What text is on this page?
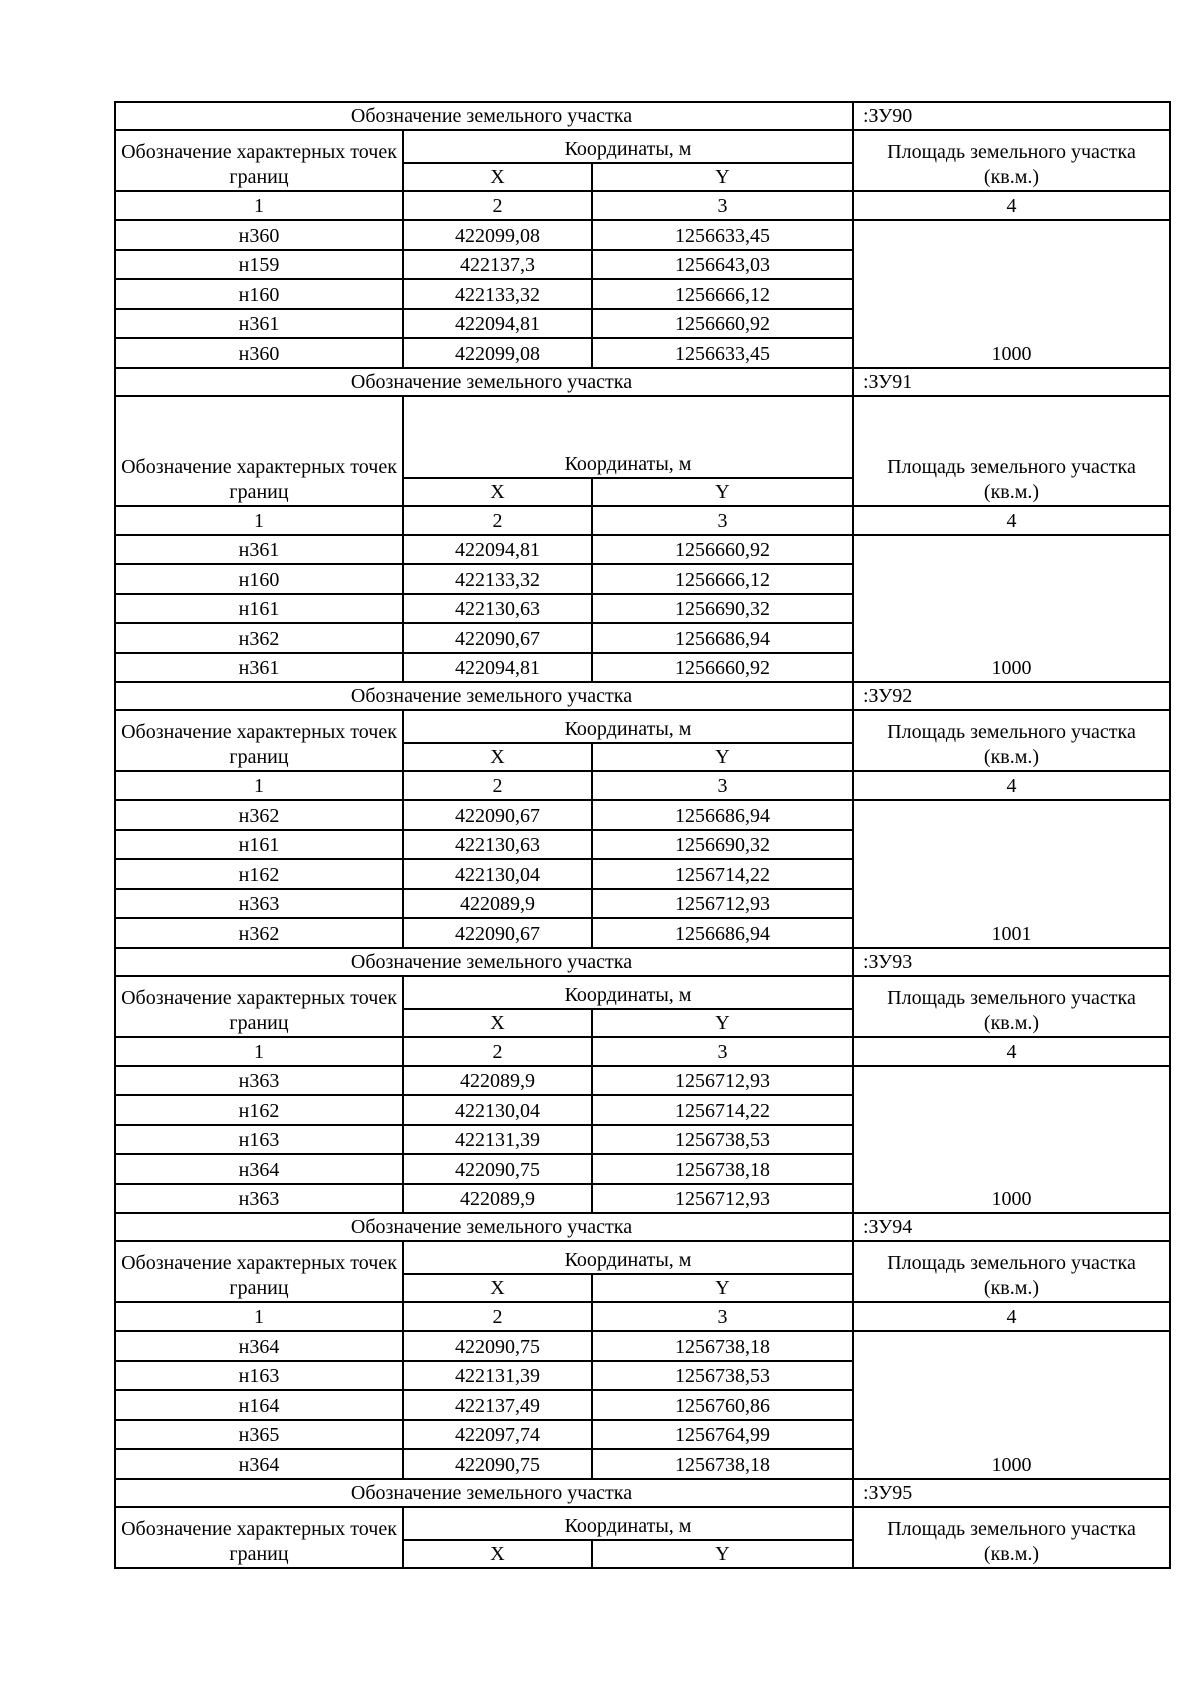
Обозначение земельного участка	:ЗУ90
Обозначение характерных точек границ
Координаты, м
X	Y
Площадь земельного участка (кв.м.)
1	2	3	4
н360	422099,08	1256633,45
н159	422137,3	1256643,03
н160	422133,32	1256666,12
н361	422094,81	1256660,92
н360	422099,08	1256633,45	1000
Обозначение земельного участка	:ЗУ91
Обозначение характерных точек границ
Координаты, м
X	Y
Площадь земельного участка (кв.м.)
1	2	3	4
н361	422094,81	1256660,92
н160	422133,32	1256666,12
н161	422130,63	1256690,32
н362	422090,67	1256686,94
н361	422094,81	1256660,92	1000
Обозначение земельного участка	:ЗУ92
Обозначение характерных точек границ
Координаты, м
X	Y
Площадь земельного участка (кв.м.)
1	2	3	4
н362	422090,67	1256686,94
н161	422130,63	1256690,32
н162	422130,04	1256714,22
н363	422089,9	1256712,93
н362	422090,67	1256686,94	1001
Обозначение земельного участка	:ЗУ93
Обозначение характерных точек границ
Координаты, м
X	Y
Площадь земельного участка (кв.м.)
1	2	3	4
н363	422089,9	1256712,93
н162	422130,04	1256714,22
н163	422131,39	1256738,53
н364	422090,75	1256738,18
н363	422089,9	1256712,93	1000
Обозначение земельного участка	:ЗУ94
Обозначение характерных точек границ
Координаты, м
X	Y
Площадь земельного участка (кв.м.)
1	2	3	4
н364	422090,75	1256738,18
н163	422131,39	1256738,53
н164	422137,49	1256760,86
н365	422097,74	1256764,99
н364	422090,75	1256738,18	1000
Обозначение земельного участка	:ЗУ95
Обозначение характерных точек границ
Координаты, м
X	Y
Площадь земельного участка (кв.м.)
